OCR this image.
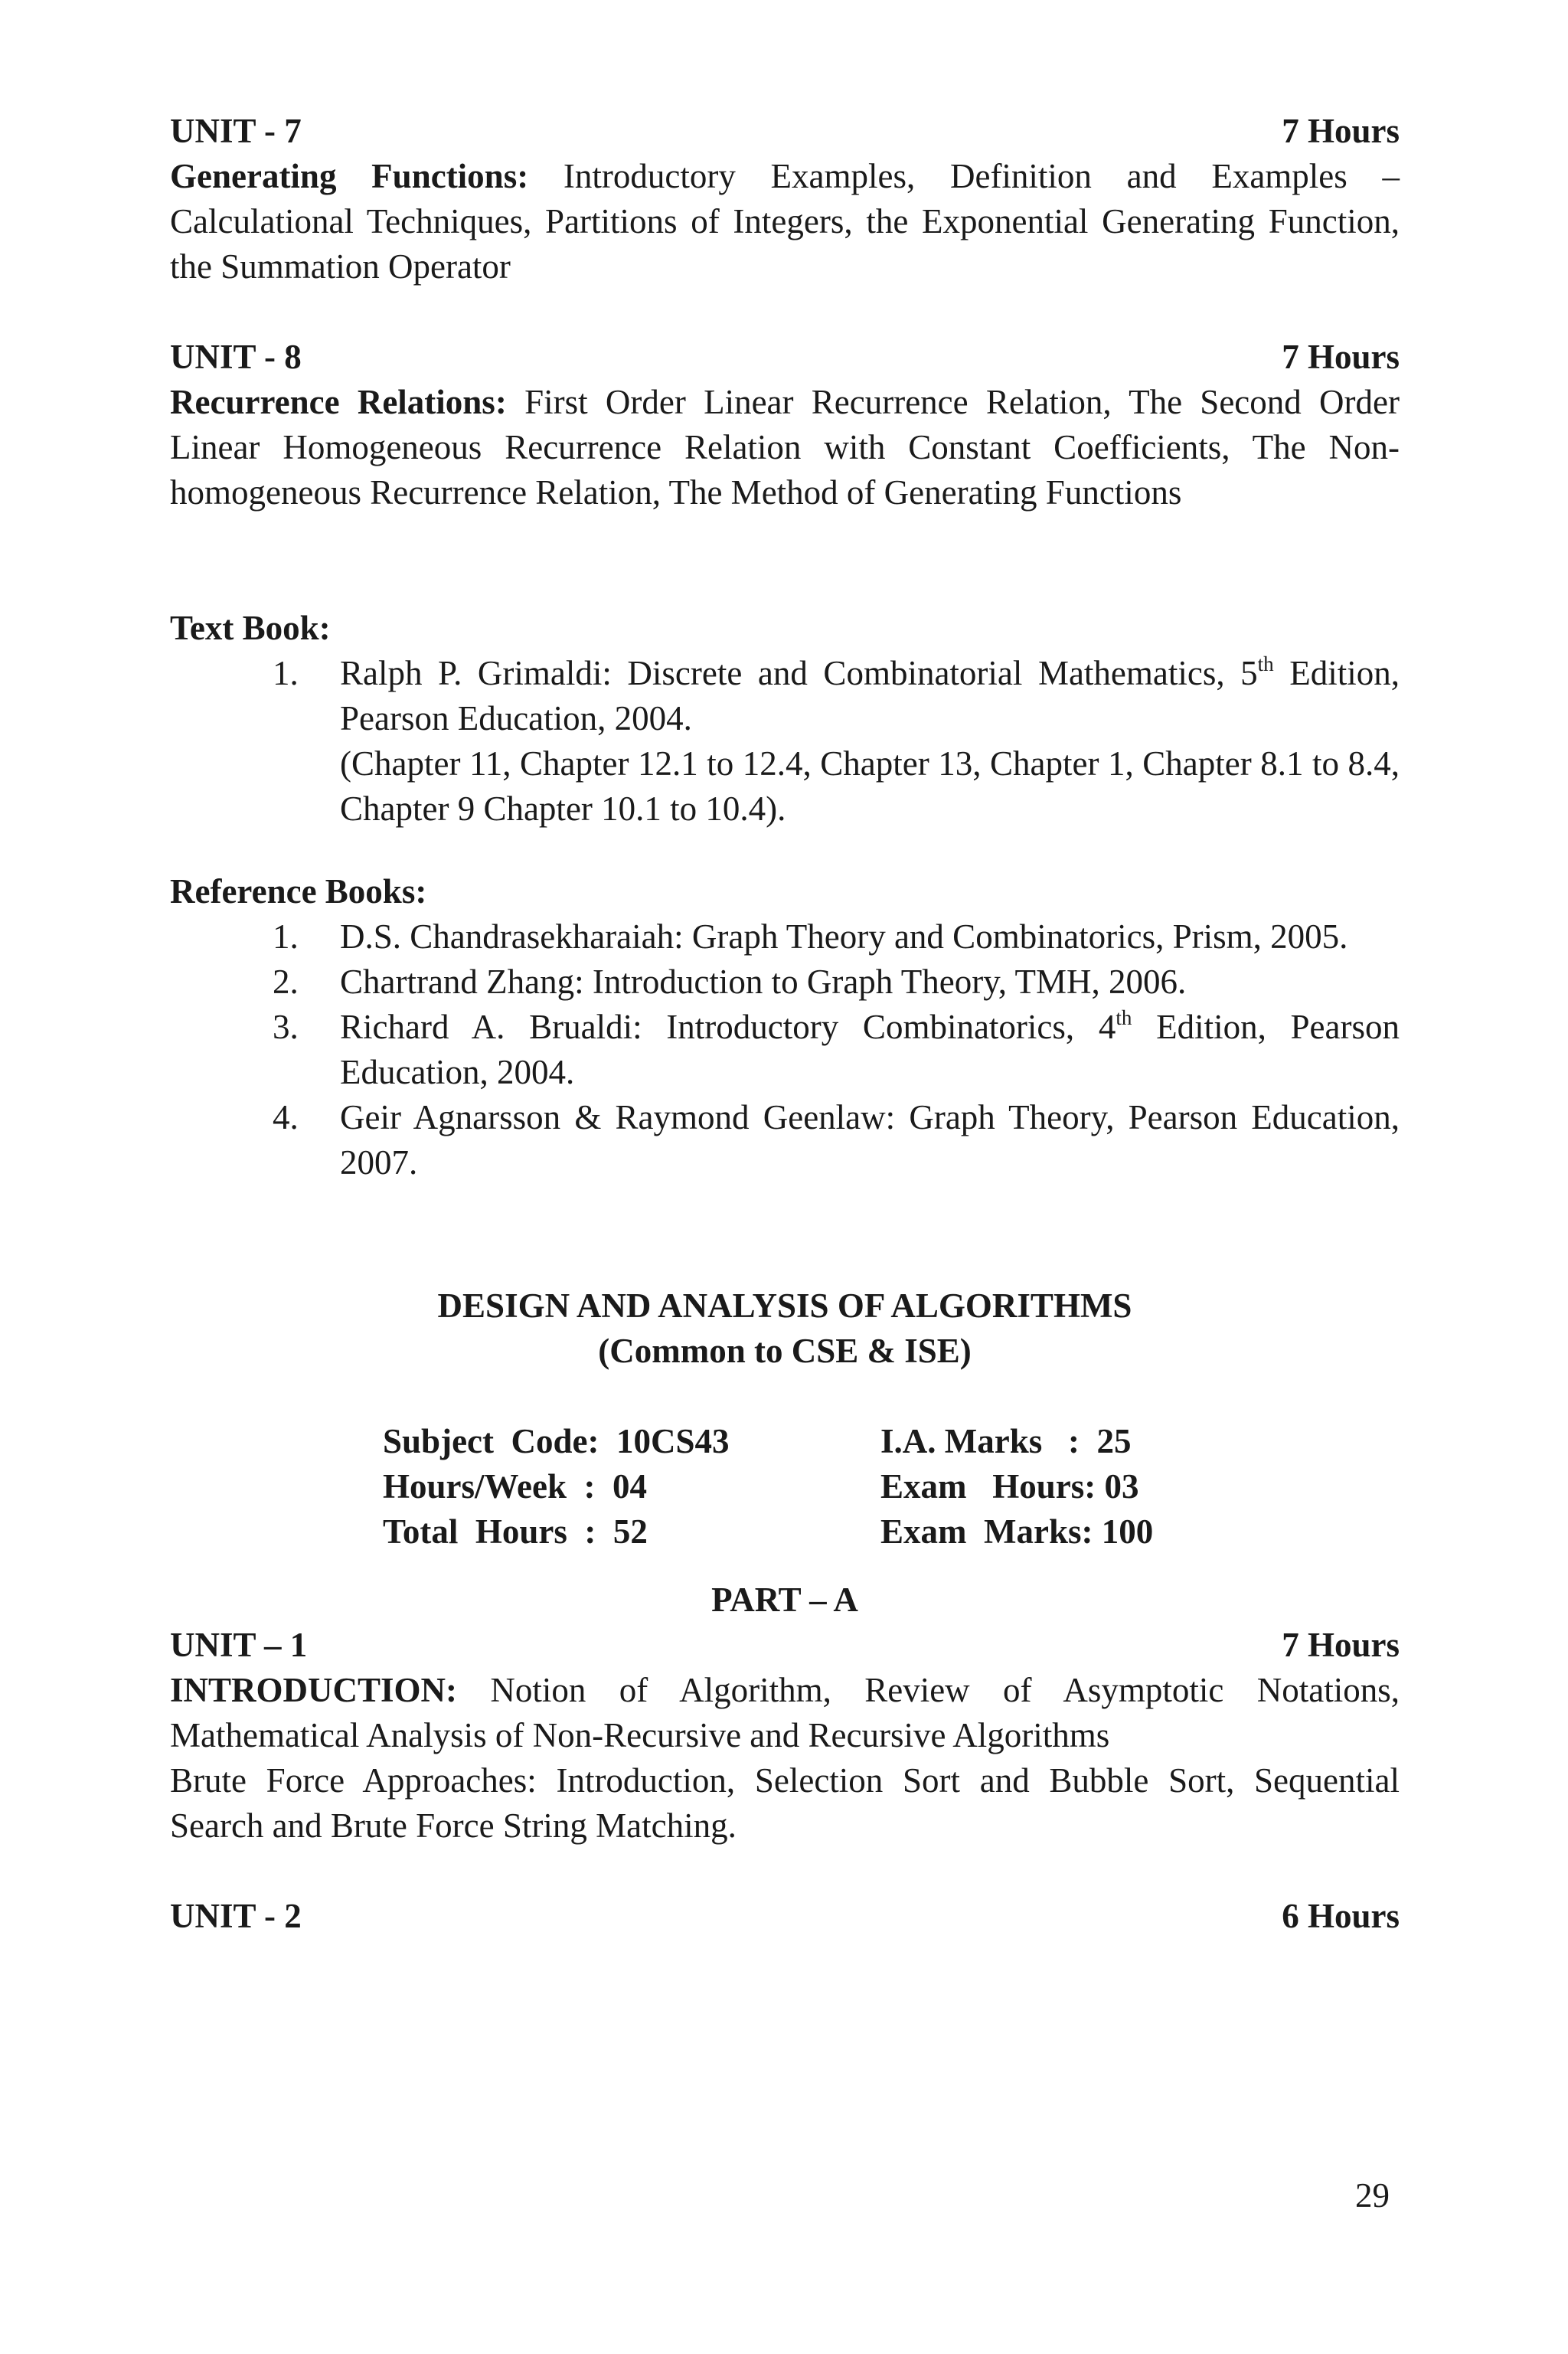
UNIT - 7	7 Hours
Generating Functions: Introductory Examples, Definition and Examples – Calculational Techniques, Partitions of Integers, the Exponential Generating Function, the Summation Operator
UNIT - 8	7 Hours
Recurrence Relations: First Order Linear Recurrence Relation, The Second Order Linear Homogeneous Recurrence Relation with Constant Coefficients, The Non-homogeneous Recurrence Relation, The Method of Generating Functions
Text Book:
1.	Ralph P. Grimaldi: Discrete and Combinatorial Mathematics, 5th Edition, Pearson Education, 2004.
(Chapter 11, Chapter 12.1 to 12.4, Chapter 13, Chapter 1, Chapter 8.1 to 8.4, Chapter 9 Chapter 10.1 to 10.4).
Reference Books:
1.	D.S. Chandrasekharaiah: Graph Theory and Combinatorics, Prism, 2005.
2.	Chartrand Zhang: Introduction to Graph Theory, TMH, 2006.
3.	Richard A. Brualdi: Introductory Combinatorics, 4th Edition, Pearson Education, 2004.
4.	Geir Agnarsson & Raymond Geenlaw: Graph Theory, Pearson Education, 2007.
DESIGN AND ANALYSIS OF ALGORITHMS
(Common to CSE & ISE)
Subject  Code:  10CS43	I.A. Marks   :  25
Hours/Week  :  04	Exam   Hours: 03
Total  Hours  :  52	Exam  Marks: 100
PART – A
UNIT – 1	7 Hours
INTRODUCTION: Notion of Algorithm, Review of Asymptotic Notations, Mathematical Analysis of Non-Recursive and Recursive Algorithms
Brute Force Approaches: Introduction, Selection Sort and Bubble Sort, Sequential Search and Brute Force String Matching.
UNIT - 2	6 Hours
29
